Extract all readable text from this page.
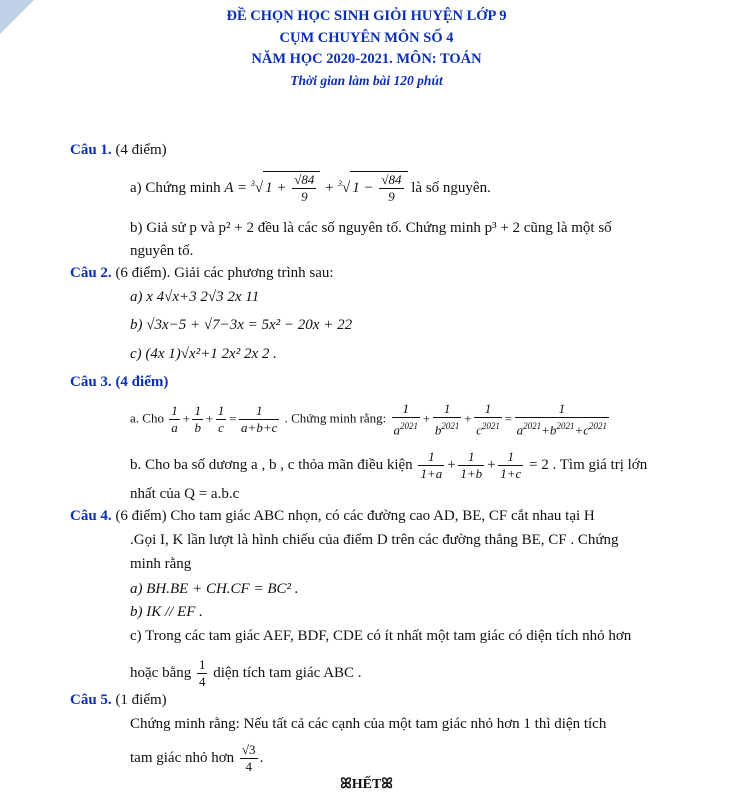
ĐỀ CHỌN HỌC SINH GIỎI HUYỆN LỚP 9
CỤM CHUYÊN MÔN SỐ 4
NĂM HỌC 2020-2021. MÔN: TOÁN
Thời gian làm bài 120 phút
Câu 1. (4 điểm)
a) Chứng minh A = $^3$√ $1 + \frac{√84}{9} + ^3√$ $1 - \frac{√84}{9}$ là số nguyên.
b) Giả sử p và p² + 2 đều là các số nguyên tố. Chứng minh p³ + 2 cũng là một số
nguyên tố.
Câu 2. (6 điểm). Giải các phương trình sau:
a) x 4√x+3 2√3 2x 11
b) √3x−5 + √7−3x = 5x² − 20x + 22
c) (4x 1)√x²+1 2x² 2x 2 .
Câu 3. (4 điểm)
a. Cho $\frac{1}{a} + \frac{1}{b} + \frac{1}{c} = \frac{1}{a+b+c}$ . Chứng minh rằng: $\frac{1}{a^{2021}} + \frac{1}{b^{2021}} + \frac{1}{c^{2021}} = \frac{1}{a^{2021}+b^{2021}+c^{2021}}$
b. Cho ba số dương a , b , c thỏa mãn điều kiện $\frac{1}{1+a} + \frac{1}{1+b} + \frac{1}{1+c} = 2$ . Tìm giá trị lớn
nhất của Q = a.b.c
Câu 4. (6 điểm) Cho tam giác ABC nhọn, có các đường cao AD, BE, CF cắt nhau tại H
.Gọi I, K lần lượt là hình chiếu của điểm D trên các đường thẳng BE, CF . Chứng
minh rằng
a) BH.BE + CH.CF = BC² .
b) IK // EF .
c) Trong các tam giác AEF, BDF, CDE có ít nhất một tam giác có diện tích nhỏ hơn
hoặc bằng $\frac{1}{4}$ diện tích tam giác ABC .
Câu 5. (1 điểm)
Chứng minh rằng: Nếu tất cả các cạnh của một tam giác nhỏ hơn 1 thì diện tích
tam giác nhỏ hơn $\frac{√3}{4}$ .
ꕤHẾTꕤ
